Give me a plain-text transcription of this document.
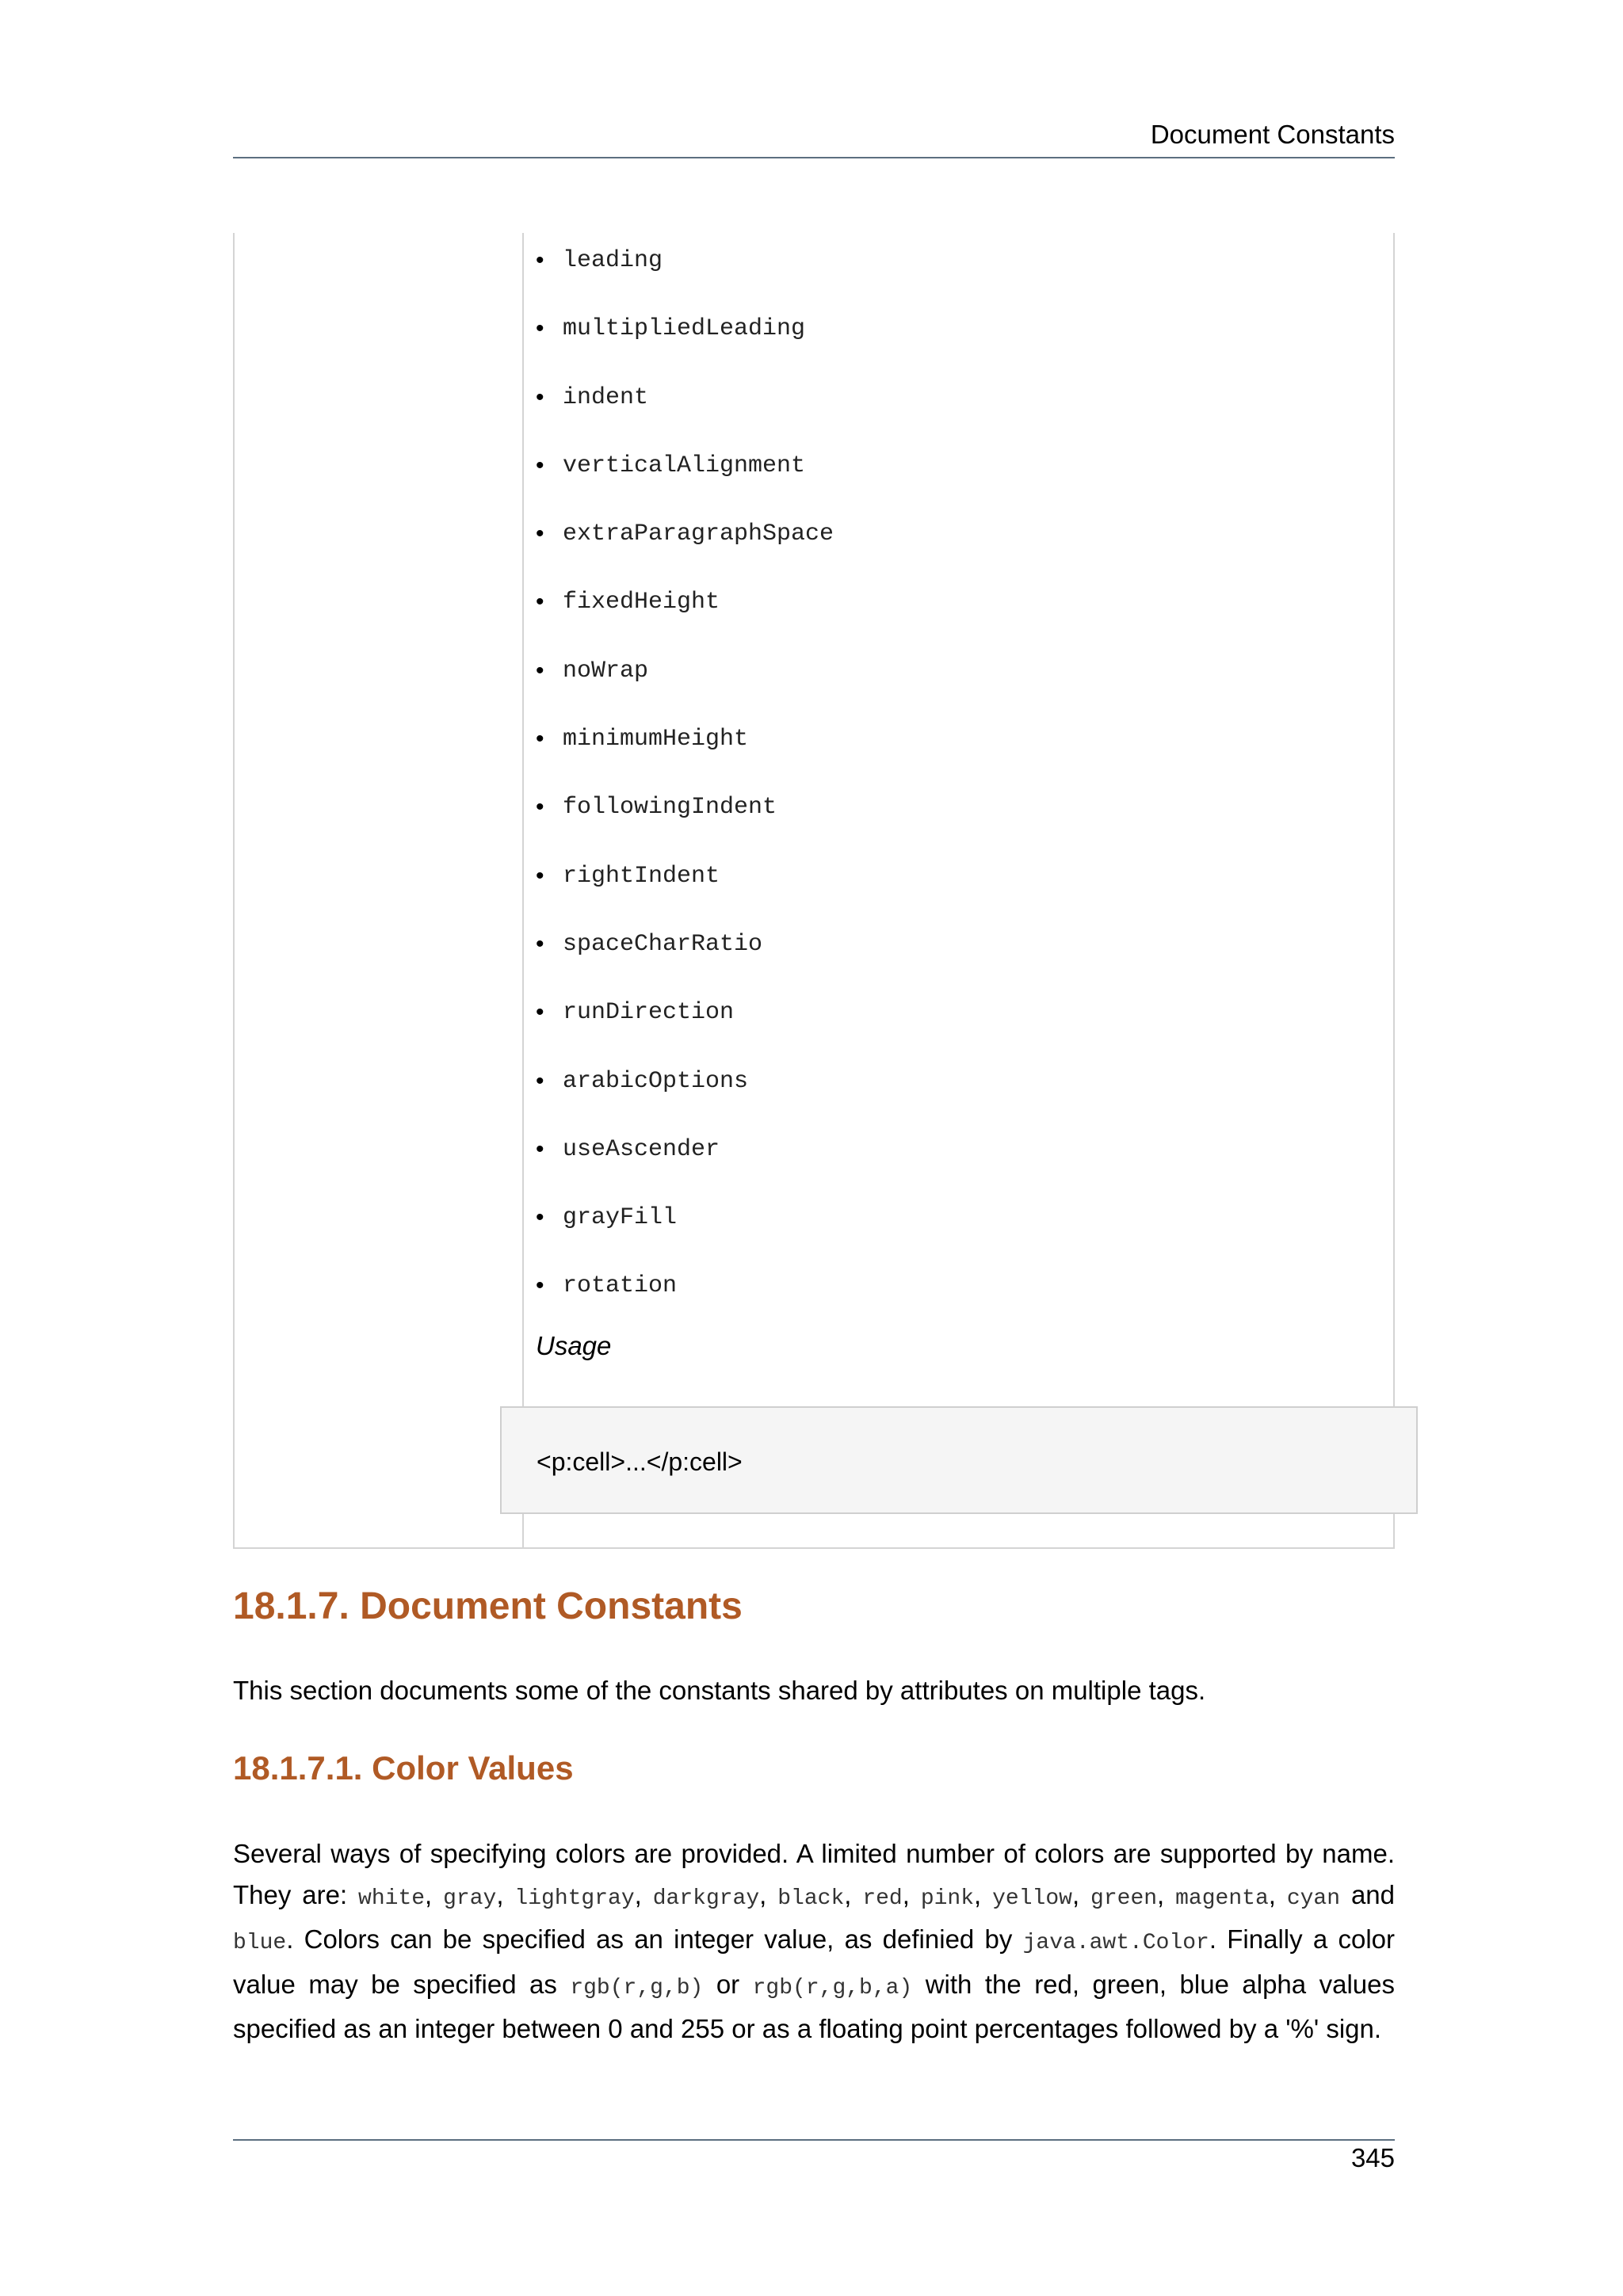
Document Constants
• leading
• multipliedLeading
• indent
• verticalAlignment
• extraParagraphSpace
• fixedHeight
• noWrap
• minimumHeight
• followingIndent
• rightIndent
• spaceCharRatio
• runDirection
• arabicOptions
• useAscender
• grayFill
• rotation
Usage
<p:cell>...</p:cell>
18.1.7. Document Constants

This section documents some of the constants shared by attributes on multiple tags.

18.1.7.1. Color Values

Several ways of specifying colors are provided. A limited number of colors are supported by name. They are: white, gray, lightgray, darkgray, black, red, pink, yellow, green, magenta, cyan and blue. Colors can be specified as an integer value, as definied by java.awt.Color. Finally a color value may be specified as rgb(r,g,b) or rgb(r,g,b,a) with the red, green, blue alpha values specified as an integer between 0 and 255 or as a floating point percentages followed by a '%' sign.

345
